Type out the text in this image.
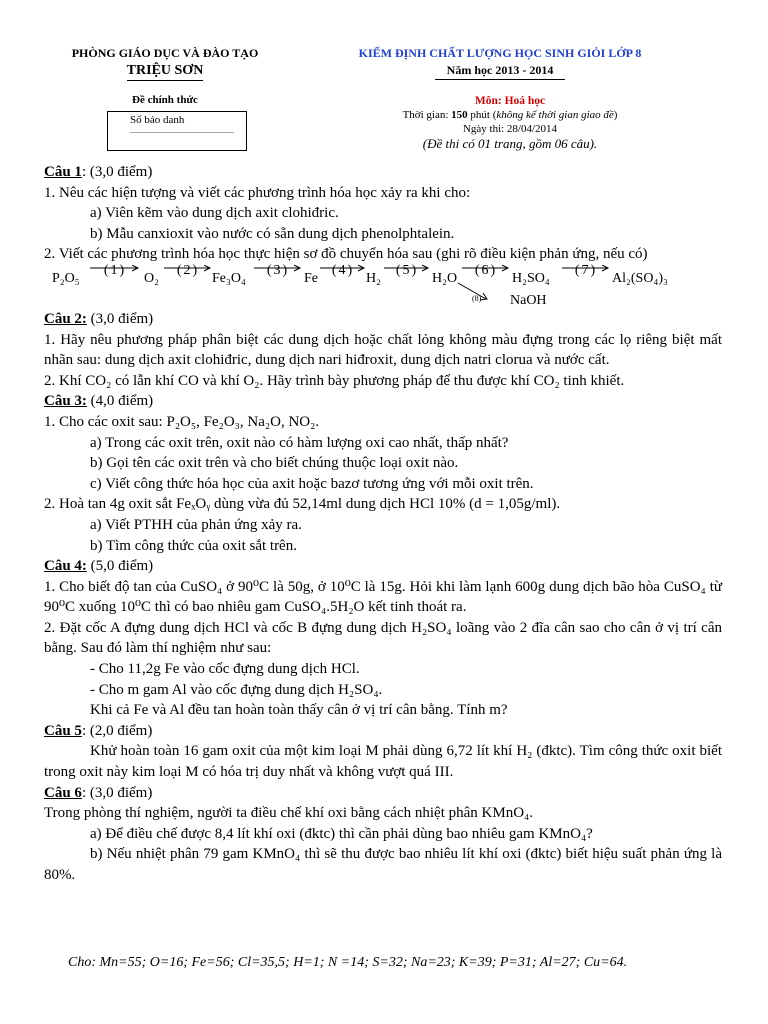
PHÒNG GIÁO DỤC VÀ ĐÀO TẠO
TRIỆU SƠN
KIỂM ĐỊNH CHẤT LƯỢNG HỌC SINH GIỎI LỚP 8
Năm học 2013 - 2014
Đề chính thức
Số báo danh
....................................................
Môn: Hoá học
Thời gian: 150 phút (không kể thời gian giao đề)
Ngày thi: 28/04/2014
(Đề thi có 01 trang, gồm 06 câu).

Câu 1: (3,0 điểm)

1. Nêu các hiện tượng và viết các phương trình hóa học xảy ra khi cho:

a) Viên kẽm vào dung dịch axit clohiđric.

b) Mẫu canxioxit vào nước có sẵn dung dịch phenolphtalein.

2. Viết các phương trình hóa học thực hiện sơ đồ chuyển hóa sau (ghi rõ điều kiện phản ứng, nếu có)

P₂O₅
(1)
O₂
(2)
Fe₃O₄
(3)
Fe
(4)
H₂
(5)
H₂O
(6)
H₂SO₄
(7)
Al₂(SO₄)₃
(8) NaOH

Câu 2: (3,0 điểm)

1. Hãy nêu phương pháp phân biệt các dung dịch hoặc chất lỏng không màu đựng trong các lọ riêng biệt mất nhãn sau: dung dịch axit clohiđric, dung dịch nari hiđroxit, dung dịch natri clorua và nước cất.

2. Khí CO₂ có lẫn khí CO và khí O₂. Hãy trình bày phương pháp để thu được khí CO₂ tinh khiết.

Câu 3: (4,0 điểm)

1. Cho các oxit sau: P₂O₅, Fe₂O₃, Na₂O, NO₂.

a) Trong các oxit trên, oxit nào có hàm lượng oxi cao nhất, thấp nhất?

b) Gọi tên các oxit trên và cho biết chúng thuộc loại oxit nào.

c) Viết công thức hóa học của axit hoặc bazơ tương ứng với mỗi oxit trên.

2. Hoà tan 4g oxit sắt FeₓOᵧ dùng vừa đủ 52,14ml dung dịch HCl 10% (d = 1,05g/ml).

a) Viết PTHH của phản ứng xảy ra.

b) Tìm công thức của oxit sắt trên.

Câu 4: (5,0 điểm)

1. Cho biết độ tan của CuSO₄ ở 90⁰C là 50g, ở 10⁰C là 15g. Hỏi khi làm lạnh 600g dung dịch bão hòa CuSO₄ từ 90⁰C xuống 10⁰C thì có bao nhiêu gam CuSO₄.5H₂O kết tinh thoát ra.

2. Đặt cốc A đựng dung dịch HCl và cốc B đựng dung dịch H₂SO₄ loãng vào 2 đĩa cân sao cho cân ở vị trí cân bằng. Sau đó làm thí nghiệm như sau:

- Cho 11,2g Fe vào cốc đựng dung dịch HCl.

- Cho m gam Al vào cốc đựng dung dịch H₂SO₄.

Khi cả Fe và Al đều tan hoàn toàn thấy cân ở vị trí cân bằng. Tính m?

Câu 5: (2,0 điểm)

Khử hoàn toàn 16 gam oxit của một kim loại M phải dùng 6,72 lít khí H₂ (đktc). Tìm công thức oxit biết trong oxit này kim loại M có hóa trị duy nhất và không vượt quá III.

Câu 6: (3,0 điểm)

Trong phòng thí nghiệm, người ta điều chế khí oxi bằng cách nhiệt phân KMnO₄.

a) Để điều chế được 8,4 lít khí oxi (đktc) thì cần phải dùng bao nhiêu gam KMnO₄?

b) Nếu nhiệt phân 79 gam KMnO₄ thì sẽ thu được bao nhiêu lít khí oxi (đktc) biết hiệu suất phản ứng là 80%.

Cho: Mn=55; O=16; Fe=56; Cl=35,5; H=1; N =14; S=32; Na=23; K=39; P=31; Al=27; Cu=64.
